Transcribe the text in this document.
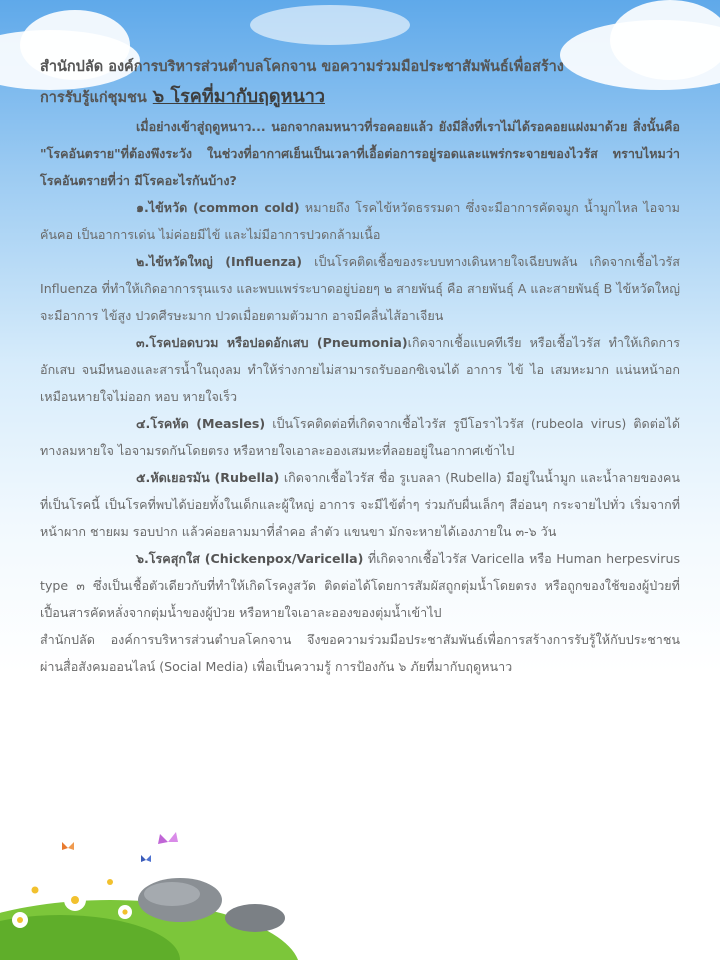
สำนักปลัด องค์การบริหารส่วนตำบลโคกจาน ขอความร่วมมือประชาสัมพันธ์เพื่อสร้าง
การรับรู้แก่ชุมชน ๖ โรคที่มากับฤดูหนาว

เมื่อย่างเข้าสู่ฤดูหนาว... นอกจากลมหนาวที่รอคอยแล้ว ยังมีสิ่งที่เราไม่ได้รอคอยแฝงมาด้วย สิ่งนั้นคือ "โรคอันตราย"ที่ต้องพึงระวัง ในช่วงที่อากาศเย็นเป็นเวลาที่เอื้อต่อการอยู่รอดและแพร่กระจายของไวรัส ทราบไหมว่าโรคอันตรายที่ว่า มีโรคอะไรกันบ้าง?

๑.ไข้หวัด (common cold) หมายถึง โรคไข้หวัดธรรมดา ซึ่งจะมีอาการคัดจมูก น้ำมูกไหล ไอจาม คันคอ เป็นอาการเด่น ไม่ค่อยมีไข้ และไม่มีอาการปวดกล้ามเนื้อ

๒.ไข้หวัดใหญ่ (Influenza) เป็นโรคติดเชื้อของระบบทางเดินหายใจเฉียบพลัน เกิดจากเชื้อไวรัส Influenza ที่ทำให้เกิดอาการรุนแรง และพบแพร่ระบาดอยู่บ่อยๆ ๒ สายพันธุ์ คือ สายพันธุ์ A และสายพันธุ์ B ไข้หวัดใหญ่จะมีอาการ ไข้สูง ปวดศีรษะมาก ปวดเมื่อยตามตัวมาก อาจมีคลื่นไส้อาเจียน

๓.โรคปอดบวม หรือปอดอักเสบ (Pneumonia)เกิดจากเชื้อแบคทีเรีย หรือเชื้อไวรัส ทำให้เกิดการอักเสบ จนมีหนองและสารน้ำในถุงลม ทำให้ร่างกายไม่สามารถรับออกซิเจนได้ อาการ ไข้ ไอ เสมหะมาก แน่นหน้าอกเหมือนหายใจไม่ออก หอบ หายใจเร็ว

๔.โรคหัด (Measles) เป็นโรคติดต่อที่เกิดจากเชื้อไวรัส รูบีโอราไวรัส (rubeola virus) ติดต่อได้ทางลมหายใจ ไอจามรดกันโดยตรง หรือหายใจเอาละอองเสมหะที่ลอยอยู่ในอากาศเข้าไป

๕.หัดเยอรมัน (Rubella) เกิดจากเชื้อไวรัส ชื่อ รูเบลลา (Rubella) มีอยู่ในน้ำมูก และน้ำลายของคนที่เป็นโรคนี้ เป็นโรคที่พบได้บ่อยทั้งในเด็กและผู้ใหญ่ อาการ จะมีไข้ต่ำๆ ร่วมกับผื่นเล็กๆ สีอ่อนๆ กระจายไปทั่ว เริ่มจากที่หน้าผาก ชายผม รอบปาก แล้วค่อยลามมาที่ลำคอ ลำตัว แขนขา มักจะหายได้เองภายใน ๓-๖ วัน

๖.โรคสุกใส (Chickenpox/Varicella) ที่เกิดจากเชื้อไวรัส Varicella หรือ Human herpesvirus type ๓ ซึ่งเป็นเชื้อตัวเดียวกับที่ทำให้เกิดโรคงูสวัด ติดต่อได้โดยการสัมผัสถูกตุ่มน้ำโดยตรง หรือถูกของใช้ของผู้ป่วยที่เปื้อนสารคัดหลั่งจากตุ่มน้ำของผู้ป่วย หรือหายใจเอาละอองของตุ่มน้ำเข้าไป

สำนักปลัด องค์การบริหารส่วนตำบลโคกจาน จึงขอความร่วมมือประชาสัมพันธ์เพื่อการสร้างการรับรู้ให้กับประชาชน ผ่านสื่อสังคมออนไลน์ (Social Media) เพื่อเป็นความรู้ การป้องกัน ๖ ภัยที่มากับฤดูหนาว
